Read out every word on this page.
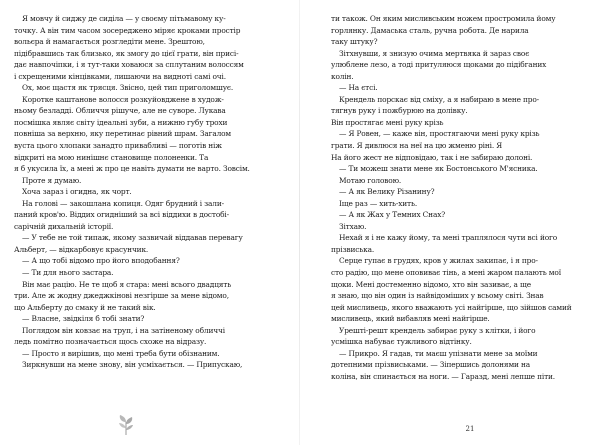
Я мовчу й сиджу де сиділа — у своєму пітьмавому ку-

точку. А він тим часом зосереджено міряє кроками простір

вольєра й намагається розгледіти мене. Зрештою,

підібравшись так близько, як змогу до цієї грати, він присі-

дає навпочіпки, і я тут-таки ховаюся за сплутаним волоссям

і схрещеними кінцівками, лишаючи на видноті самі очі.

Ох, моє щастя як трясця. Звісно, цей тип приголомшує.

Коротке каштанове волосся розкуйовджене в худож-

ньому безладді. Обличчя рішуче, але не суворе. Лукава

посмішка являє світу ідеальні зуби, а нижню губу трохи

повніша за верхню, яку перетинає рівний шрам. Загалом

вуста цього хлопаки занадто привабливі — пoготів ніж

відкриті на мою нинішнє становище полоненки. Та

я б укусила їх, а мені ж про це навіть думати не варто. Зовсім.

Проте я думаю.

Хоча зараз і огидна, як чорт.

На голові — закошлана копиця. Одяг брудний і зали-

паний кров'ю. Віддих огидніший за всі віддихи в достобі-

сарічній дихальній історії.

— У тебе не той типаж, якому зазвичай віддавав перевагу

Альберт, — відкарбовує красунчик.

— А що тобі відомо про його вподобання?

— Ти для нього застара.

Він має рацію. Не те щоб я стара: мені всього двадцять

три. Але ж жодну джеджкінові незгірше за мене відомо,

що Альберту до смаку й не такий вік.

— Власне, звідкіля б тобі знати?

Поглядом він ковзає на труп, і на затіненому обличчі

ледь помітно позначається щось схоже на відразу.

— Просто я вирішив, що мені треба бути обізнаним.

Зиркнувши на мене знову, він усміхається. — Припускаю,

ти також. Он яким мисливським ножем простромила йому

горлянку. Дамаська сталь, ручна робота. Де нарила

таку штуку?

Зітхнувши, я знизую очима мертвяка й зараз своє

улюблене лезо, а тоді притуляюся щоками до підібганих

колін.

— На єтсі.

Крендель порскає від сміху, а я набираю в мене про-

тягнув руку і пожбурюю на долівку.

Він простягає мені руку крізь

— Я Ровен, — каже він, простягаючи мені руку крізь

грати. Я дивлюся на неї на цю жменю ріні. Я

На його жест не відповідаю, так і не забираю долоні.

— Ти можеш знати мене як Бостонського М'ясника.

Мотаю головою.

— А як Велику Різанину?

Іще раз — хить-хить.

— А як Жах у Темних Снах?

Зітхаю.

Нехай я і не кажу йому, та мені траплялося чути всі його

прізвиська.

Серце гупає в грудях, кров у жилах закипає, і я про-

сто радію, що мене оповиває тінь, а мені жаром палають мої

щоки. Мені достеменно відомо, хто він зазиває, а ще

я знаю, що він один із найвідоміших у всьому світі. Знав

цей мисливець, якого вважають усі найгірше, що зійшов самий

мисливець, який вибавляв мені найгірше.

Урешті-решт крендель забирає руку з клітки, і його

усмішка набуває тужливого відтінку.

— Прикро. Я гадав, ти маєш упізнати мене за моїми

дотепними прізвиськами. — Зіпершись долонями на

коліна, він спинається на ноги. — Гаразд, мені лепше піти.

21
